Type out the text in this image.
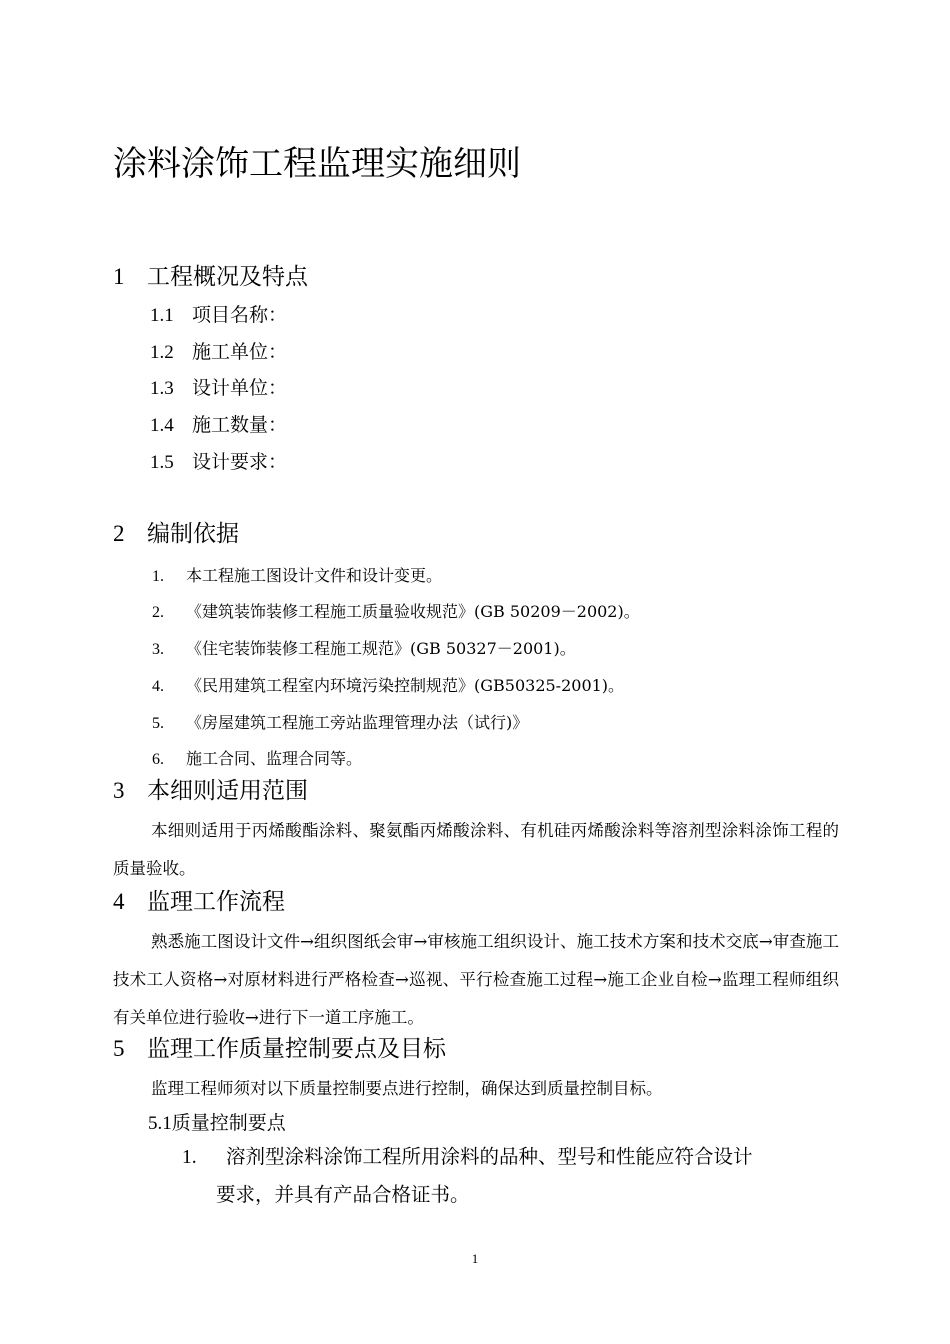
涂料涂饰工程监理实施细则
1 工程概况及特点
1.1 项目名称：
1.2 施工单位：
1.3 设计单位：
1.4 施工数量：
1.5 设计要求：
2 编制依据
1. 本工程施工图设计文件和设计变更。
2. 《建筑装饰装修工程施工质量验收规范》(GB 50209－2002)。
3. 《住宅装饰装修工程施工规范》(GB 50327－2001)。
4. 《民用建筑工程室内环境污染控制规范》(GB50325-2001)。
5. 《房屋建筑工程施工旁站监理管理办法（试行)》
6. 施工合同、监理合同等。
3 本细则适用范围
本细则适用于丙烯酸酯涂料、聚氨酯丙烯酸涂料、有机硅丙烯酸涂料等溶剂型涂料涂饰工程的质量验收。
4 监理工作流程
熟悉施工图设计文件→组织图纸会审→审核施工组织设计、施工技术方案和技术交底→审查施工技术工人资格→对原材料进行严格检查→巡视、平行检查施工过程→施工企业自检→监理工程师组织有关单位进行验收→进行下一道工序施工。
5 监理工作质量控制要点及目标
监理工程师须对以下质量控制要点进行控制，确保达到质量控制目标。
5.1质量控制要点
1. 溶剂型涂料涂饰工程所用涂料的品种、型号和性能应符合设计
要求，并具有产品合格证书。
1
